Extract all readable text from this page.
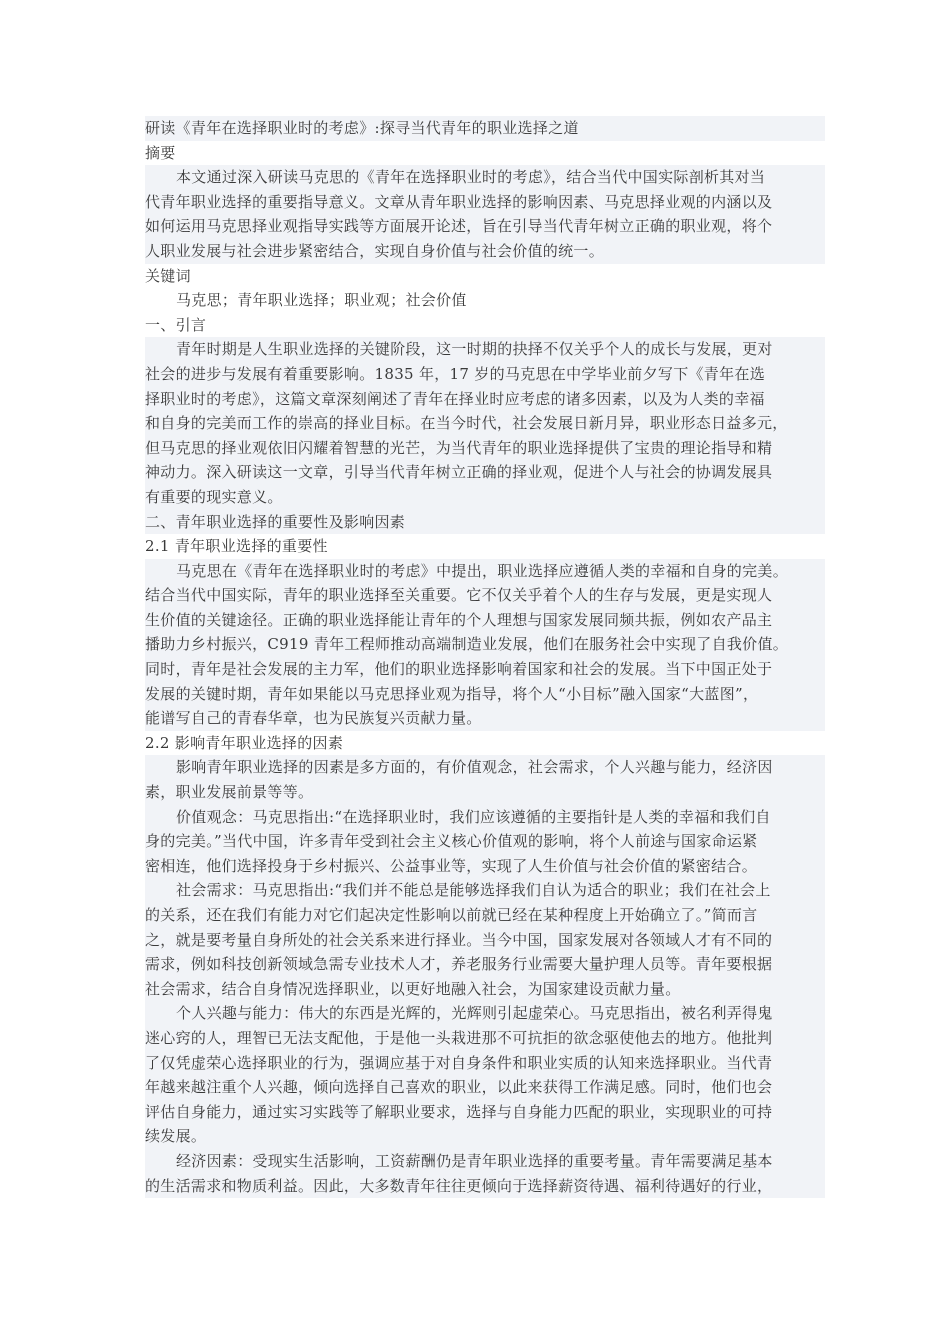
研读《青年在选择职业时的考虑》:探寻当代青年的职业选择之道
摘要
本文通过深入研读马克思的《青年在选择职业时的考虑》，结合当代中国实际剖析其对当
代青年职业选择的重要指导意义。文章从青年职业选择的影响因素、马克思择业观的内涵以及
如何运用马克思择业观指导实践等方面展开论述，旨在引导当代青年树立正确的职业观，将个
人职业发展与社会进步紧密结合，实现自身价值与社会价值的统一。
关键词
马克思；青年职业选择；职业观；社会价值
一、引言
青年时期是人生职业选择的关键阶段，这一时期的抉择不仅关乎个人的成长与发展，更对
社会的进步与发展有着重要影响。1835 年，17 岁的马克思在中学毕业前夕写下《青年在选
择职业时的考虑》，这篇文章深刻阐述了青年在择业时应考虑的诸多因素，以及为人类的幸福
和自身的完美而工作的崇高的择业目标。在当今时代，社会发展日新月异，职业形态日益多元，
但马克思的择业观依旧闪耀着智慧的光芒，为当代青年的职业选择提供了宝贵的理论指导和精
神动力。深入研读这一文章，引导当代青年树立正确的择业观，促进个人与社会的协调发展具
有重要的现实意义。
二、青年职业选择的重要性及影响因素
2.1 青年职业选择的重要性
马克思在《青年在选择职业时的考虑》中提出，职业选择应遵循人类的幸福和自身的完美。
结合当代中国实际，青年的职业选择至关重要。它不仅关乎着个人的生存与发展，更是实现人
生价值的关键途径。正确的职业选择能让青年的个人理想与国家发展同频共振，例如农产品主
播助力乡村振兴，C919 青年工程师推动高端制造业发展，他们在服务社会中实现了自我价值。
同时，青年是社会发展的主力军，他们的职业选择影响着国家和社会的发展。当下中国正处于
发展的关键时期，青年如果能以马克思择业观为指导，将个人“小目标”融入国家“大蓝图”，
能谱写自己的青春华章，也为民族复兴贡献力量。
2.2 影响青年职业选择的因素
影响青年职业选择的因素是多方面的，有价值观念，社会需求，个人兴趣与能力，经济因
素，职业发展前景等等。
价值观念：马克思指出:“在选择职业时，我们应该遵循的主要指针是人类的幸福和我们自
身的完美。”当代中国，许多青年受到社会主义核心价值观的影响，将个人前途与国家命运紧
密相连，他们选择投身于乡村振兴、公益事业等，实现了人生价值与社会价值的紧密结合。
社会需求：马克思指出:“我们并不能总是能够选择我们自认为适合的职业；我们在社会上
的关系，还在我们有能力对它们起决定性影响以前就已经在某种程度上开始确立了。”简而言
之，就是要考量自身所处的社会关系来进行择业。当今中国，国家发展对各领域人才有不同的
需求，例如科技创新领域急需专业技术人才，养老服务行业需要大量护理人员等。青年要根据
社会需求，结合自身情况选择职业，以更好地融入社会，为国家建设贡献力量。
个人兴趣与能力：伟大的东西是光辉的，光辉则引起虚荣心。马克思指出，被名利弄得鬼
迷心窍的人，理智已无法支配他，于是他一头栽进那不可抗拒的欲念驱使他去的地方。他批判
了仅凭虚荣心选择职业的行为，强调应基于对自身条件和职业实质的认知来选择职业。当代青
年越来越注重个人兴趣，倾向选择自己喜欢的职业，以此来获得工作满足感。同时，他们也会
评估自身能力，通过实习实践等了解职业要求，选择与自身能力匹配的职业，实现职业的可持
续发展。
经济因素：受现实生活影响，工资薪酬仍是青年职业选择的重要考量。青年需要满足基本
的生活需求和物质利益。因此，大多数青年往往更倾向于选择薪资待遇、福利待遇好的行业，
